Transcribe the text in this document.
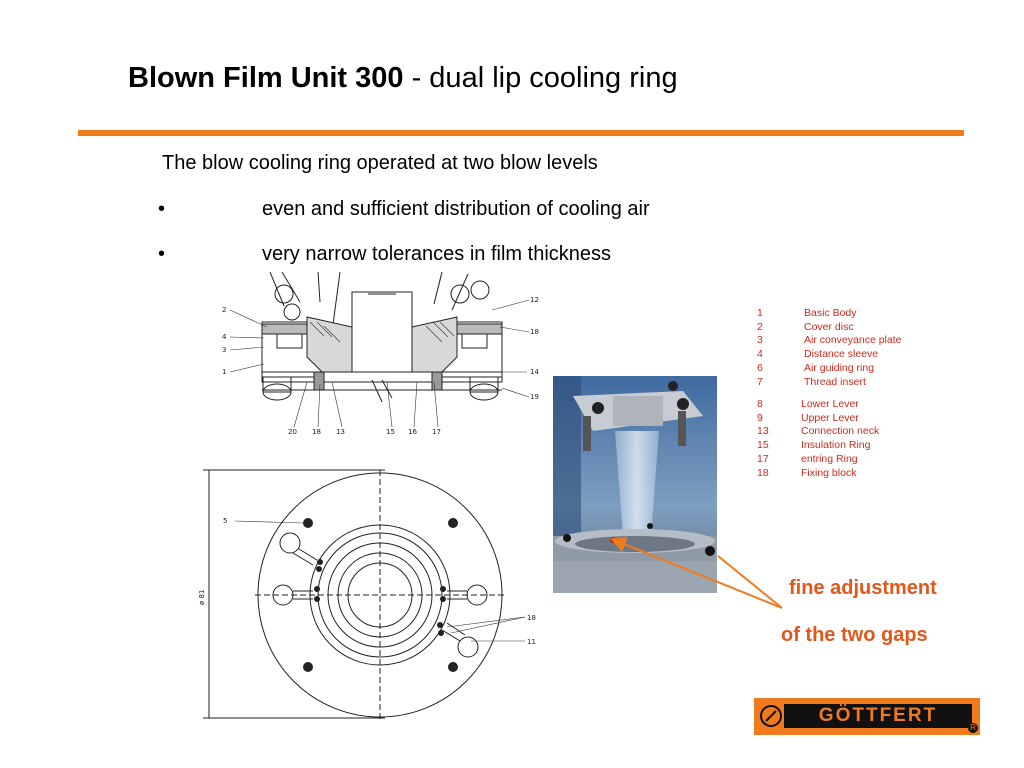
Blown Film Unit 300 - dual lip cooling ring
The blow cooling ring operated at two blow levels
•	even and sufficient distribution of cooling air
•	very narrow tolerances in film thickness
2
4
3
1
12
18
14
19
20 18 13	15 16 17
5
18
11
ø 81
1	Basic Body
2	Cover disc
3	Air conveyance plate
4	Distance sleeve
6	Air guiding ring
7	Thread insert
8	Lower Lever
9	Upper Lever
13	Connection neck
15	Insulation Ring
17	entring Ring
18	Fixing block
fine adjustment
of the two gaps
GÖTTFERT
R
